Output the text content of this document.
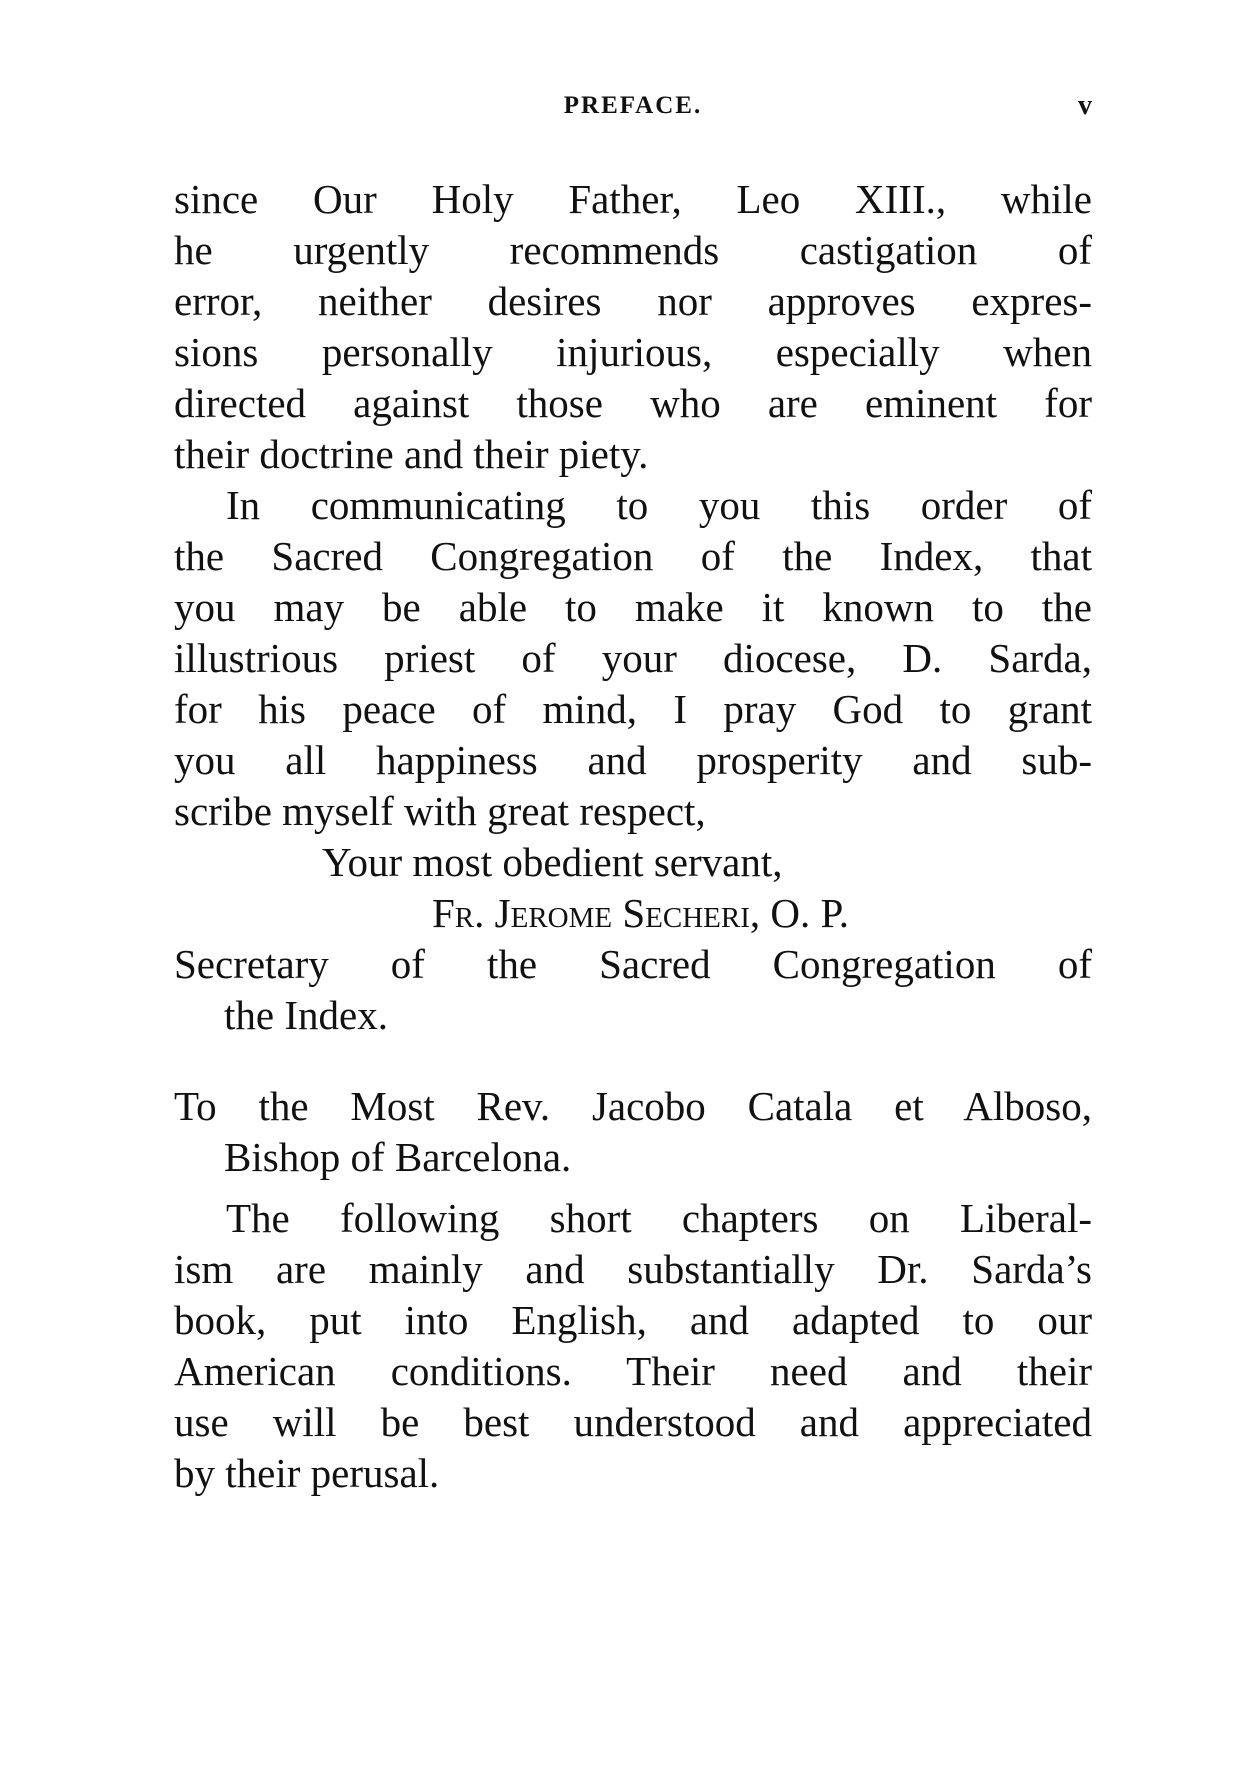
PREFACE.	v
since Our Holy Father, Leo XIII., while
he urgently recommends castigation of
error, neither desires nor approves expres-
sions personally injurious, especially when
directed against those who are eminent for
their doctrine and their piety.
In communicating to you this order of
the Sacred Congregation of the Index, that
you may be able to make it known to the
illustrious priest of your diocese, D. Sarda,
for his peace of mind, I pray God to grant
you all happiness and prosperity and sub-
scribe myself with great respect,
Your most obedient servant,
Fr. Jerome Secheri, O. P.
Secretary of the Sacred Congregation of
the Index.
To the Most Rev. Jacobo Catala et Alboso,
Bishop of Barcelona.
The following short chapters on Liberal-
ism are mainly and substantially Dr. Sarda’s
book, put into English, and adapted to our
American conditions. Their need and their
use will be best understood and appreciated
by their perusal.
